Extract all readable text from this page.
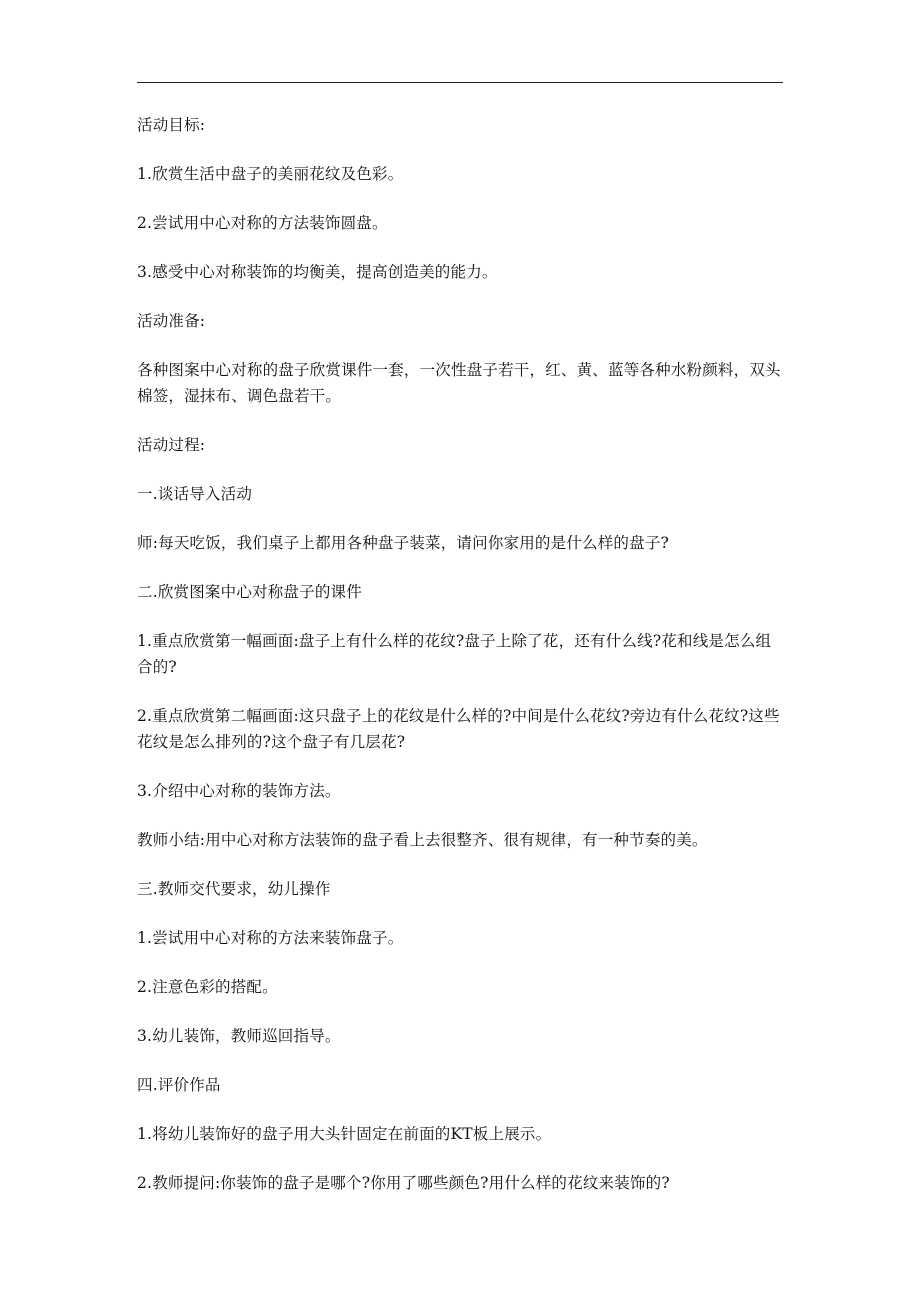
活动目标:

1.欣赏生活中盘子的美丽花纹及色彩。

2.尝试用中心对称的方法装饰圆盘。

3.感受中心对称装饰的均衡美，提高创造美的能力。

活动准备:

各种图案中心对称的盘子欣赏课件一套，一次性盘子若干，红、黄、蓝等各种水粉颜料，双头棉签，湿抹布、调色盘若干。

活动过程:

一.谈话导入活动

师:每天吃饭，我们桌子上都用各种盘子装菜，请问你家用的是什么样的盘子?

二.欣赏图案中心对称盘子的课件

1.重点欣赏第一幅画面:盘子上有什么样的花纹?盘子上除了花，还有什么线?花和线是怎么组合的?

2.重点欣赏第二幅画面:这只盘子上的花纹是什么样的?中间是什么花纹?旁边有什么花纹?这些花纹是怎么排列的?这个盘子有几层花?

3.介绍中心对称的装饰方法。

教师小结:用中心对称方法装饰的盘子看上去很整齐、很有规律，有一种节奏的美。

三.教师交代要求，幼儿操作

1.尝试用中心对称的方法来装饰盘子。

2.注意色彩的搭配。

3.幼儿装饰，教师巡回指导。

四.评价作品

1.将幼儿装饰好的盘子用大头针固定在前面的KT板上展示。

2.教师提问:你装饰的盘子是哪个?你用了哪些颜色?用什么样的花纹来装饰的?
